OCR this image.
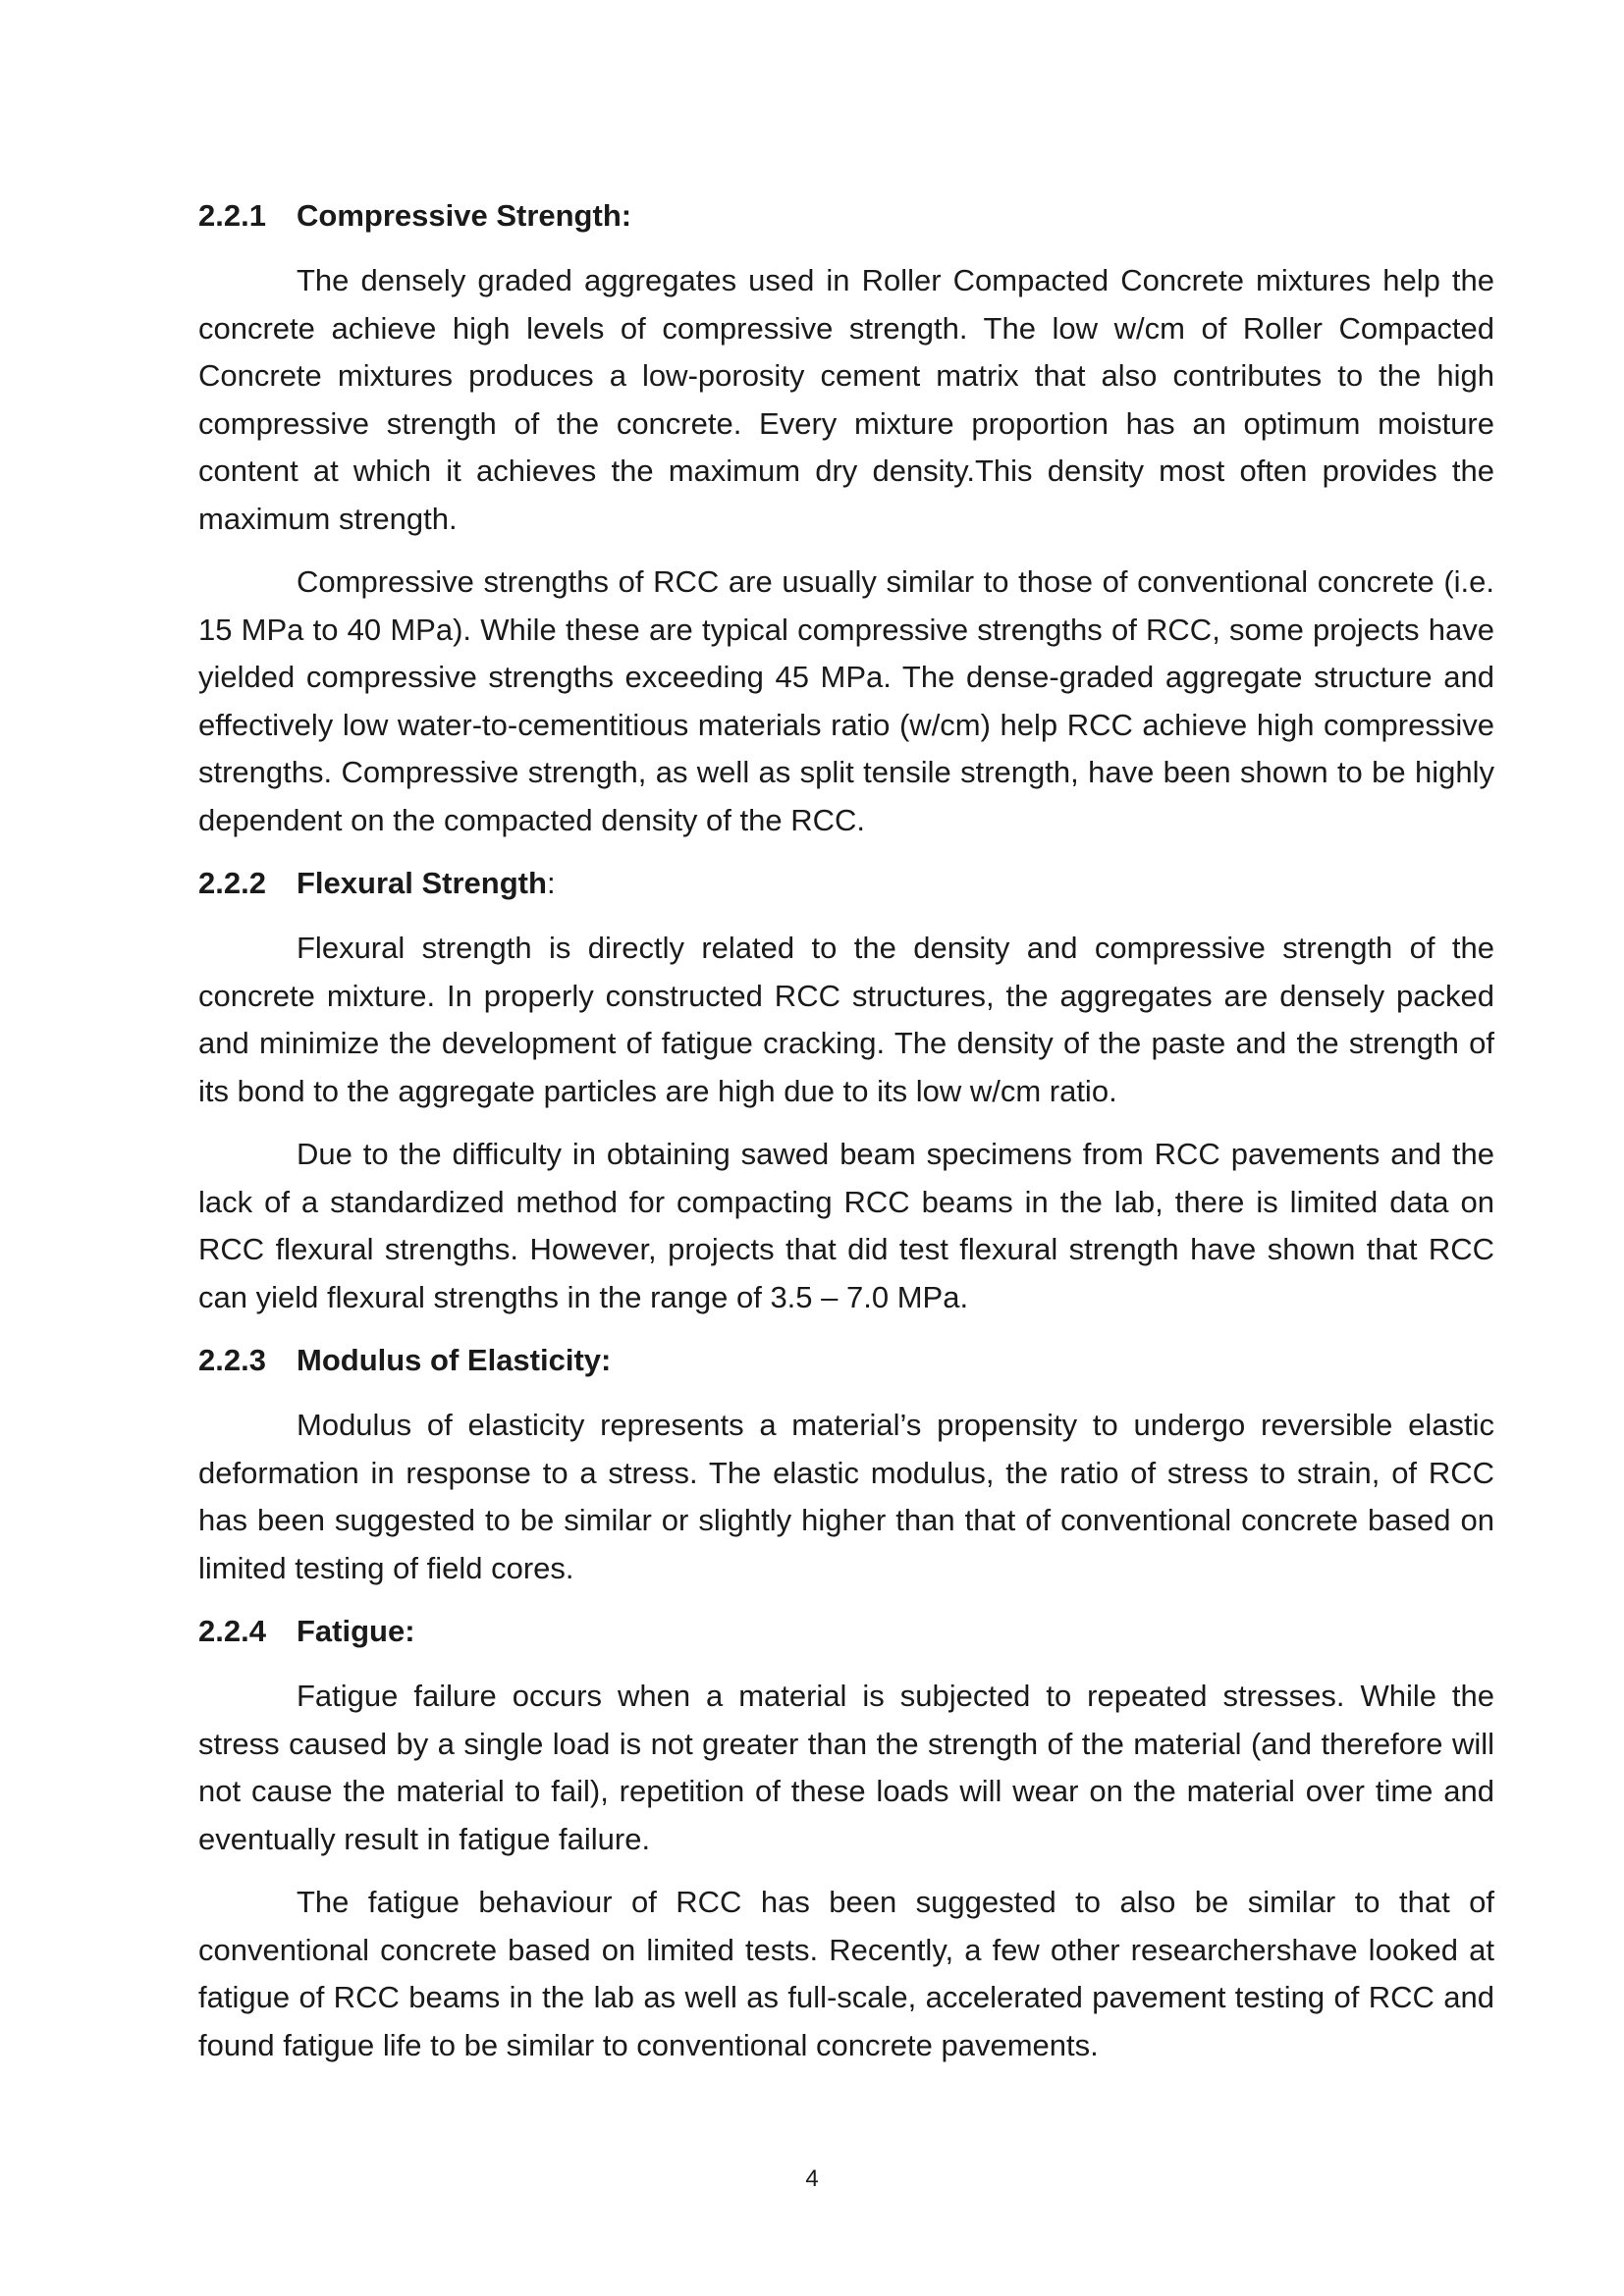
2.2.1 Compressive Strength:

The densely graded aggregates used in Roller Compacted Concrete mixtures help the concrete achieve high levels of compressive strength. The low w/cm of Roller Compacted Concrete mixtures produces a low-porosity cement matrix that also contributes to the high compressive strength of the concrete. Every mixture proportion has an optimum moisture content at which it achieves the maximum dry density.This density most often provides the maximum strength.

Compressive strengths of RCC are usually similar to those of conventional concrete (i.e. 15 MPa to 40 MPa). While these are typical compressive strengths of RCC, some projects have yielded compressive strengths exceeding 45 MPa. The dense-graded aggregate structure and effectively low water-to-cementitious materials ratio (w/cm) help RCC achieve high compressive strengths. Compressive strength, as well as split tensile strength, have been shown to be highly dependent on the compacted density of the RCC.

2.2.2 Flexural Strength:

Flexural strength is directly related to the density and compressive strength of the concrete mixture. In properly constructed RCC structures, the aggregates are densely packed and minimize the development of fatigue cracking. The density of the paste and the strength of its bond to the aggregate particles are high due to its low w/cm ratio.

Due to the difficulty in obtaining sawed beam specimens from RCC pavements and the lack of a standardized method for compacting RCC beams in the lab, there is limited data on RCC flexural strengths. However, projects that did test flexural strength have shown that RCC can yield flexural strengths in the range of 3.5 – 7.0 MPa.

2.2.3 Modulus of Elasticity:

Modulus of elasticity represents a material’s propensity to undergo reversible elastic deformation in response to a stress. The elastic modulus, the ratio of stress to strain, of RCC has been suggested to be similar or slightly higher than that of conventional concrete based on limited testing of field cores.

2.2.4 Fatigue:

Fatigue failure occurs when a material is subjected to repeated stresses. While the stress caused by a single load is not greater than the strength of the material (and therefore will not cause the material to fail), repetition of these loads will wear on the material over time and eventually result in fatigue failure.

The fatigue behaviour of RCC has been suggested to also be similar to that of conventional concrete based on limited tests. Recently, a few other researchershave looked at fatigue of RCC beams in the lab as well as full-scale, accelerated pavement testing of RCC and found fatigue life to be similar to conventional concrete pavements.

4
